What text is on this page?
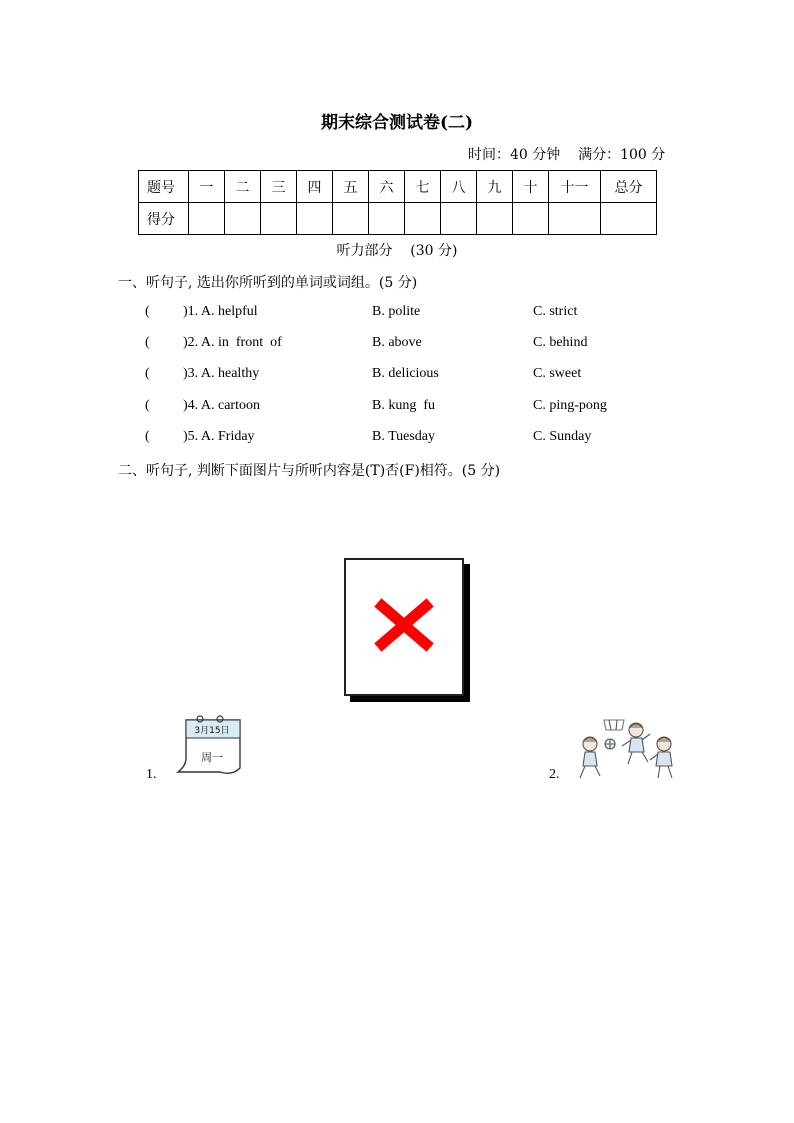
期末综合测试卷(二)
时间：40 分钟    满分：100 分
题号	一	二	三	四	五	六	七	八	九	十	十一	总分
得分												
听力部分    (30 分)
一、听句子, 选出你所听到的单词或词组。(5 分)
( )1. A. helpful	B. polite	C. strict
( )2. A. in  front  of	B. above	C. behind
( )3. A. healthy	B. delicious	C. sweet
( )4. A. cartoon	B. kung  fu	C. ping-pong
( )5. A. Friday	B. Tuesday	C. Sunday
二、听句子, 判断下面图片与所听内容是(T)否(F)相符。(5 分)
1.
3月15日
周一
2.
